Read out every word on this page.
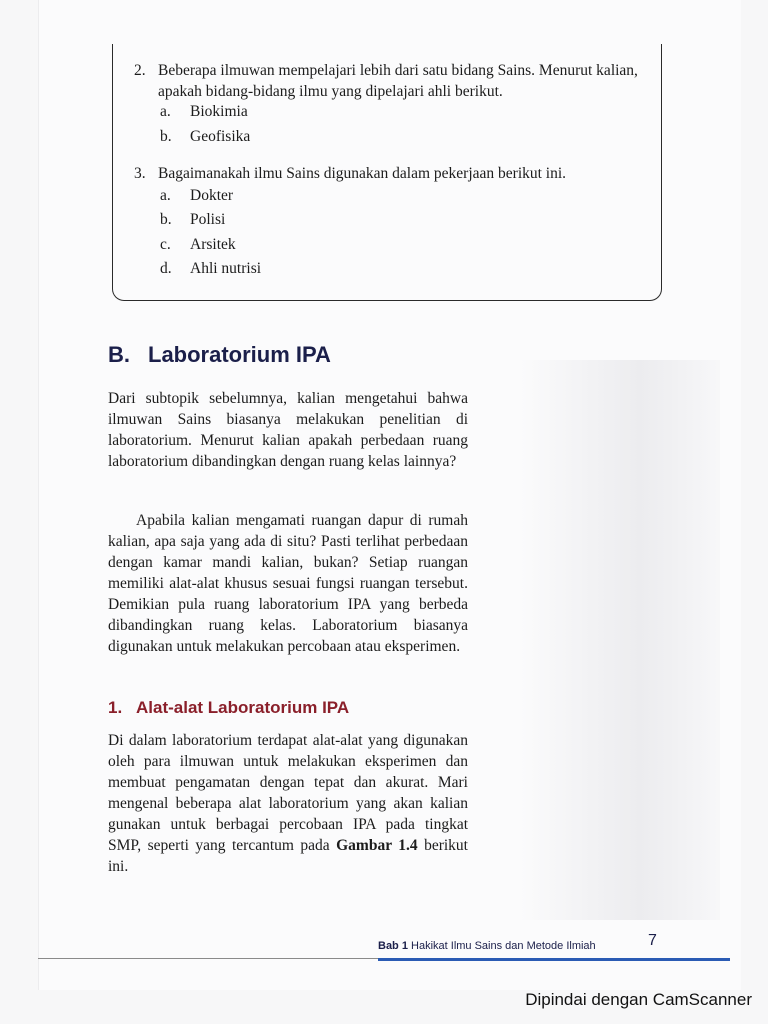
2. Beberapa ilmuwan mempelajari lebih dari satu bidang Sains. Menurut kalian, apakah bidang-bidang ilmu yang dipelajari ahli berikut.
a.	Biokimia
b.	Geofisika
3. Bagaimanakah ilmu Sains digunakan dalam pekerjaan berikut ini.
a.	Dokter
b.	Polisi
c.	Arsitek
d.	Ahli nutrisi
B. Laboratorium IPA
Dari subtopik sebelumnya, kalian mengetahui bahwa ilmuwan Sains biasanya melakukan penelitian di laboratorium. Menurut kalian apakah perbedaan ruang laboratorium dibandingkan dengan ruang kelas lainnya?
Apabila kalian mengamati ruangan dapur di rumah kalian, apa saja yang ada di situ? Pasti terlihat perbedaan dengan kamar mandi kalian, bukan? Setiap ruangan memiliki alat-alat khusus sesuai fungsi ruangan tersebut. Demikian pula ruang laboratorium IPA yang berbeda dibandingkan ruang kelas. Laboratorium biasanya digunakan untuk melakukan percobaan atau eksperimen.
1. Alat-alat Laboratorium IPA
Di dalam laboratorium terdapat alat-alat yang digunakan oleh para ilmuwan untuk melakukan eksperimen dan membuat pengamatan dengan tepat dan akurat. Mari mengenal beberapa alat laboratorium yang akan kalian gunakan untuk berbagai percobaan IPA pada tingkat SMP, seperti yang tercantum pada Gambar 1.4 berikut ini.
Bab 1 Hakikat Ilmu Sains dan Metode Ilmiah	7
Dipindai dengan CamScanner
